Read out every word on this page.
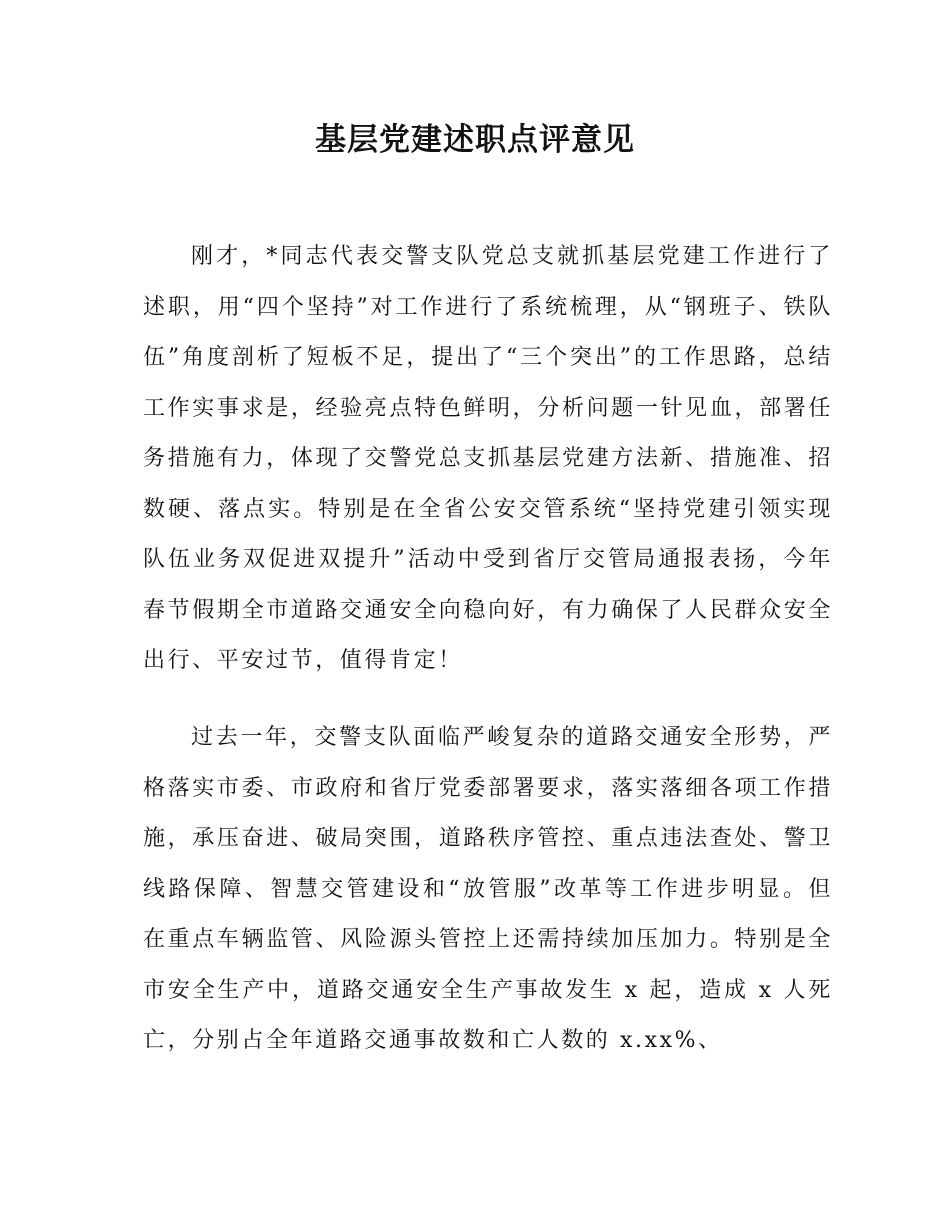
基层党建述职点评意见

刚才，*同志代表交警支队党总支就抓基层党建工作进行了述职，用“四个坚持”对工作进行了系统梳理，从“钢班子、铁队伍”角度剖析了短板不足，提出了“三个突出”的工作思路，总结工作实事求是，经验亮点特色鲜明，分析问题一针见血，部署任务措施有力，体现了交警党总支抓基层党建方法新、措施准、招数硬、落点实。特别是在全省公安交管系统“坚持党建引领实现队伍业务双促进双提升”活动中受到省厅交管局通报表扬，今年春节假期全市道路交通安全向稳向好，有力确保了人民群众安全出行、平安过节，值得肯定！

过去一年，交警支队面临严峻复杂的道路交通安全形势，严格落实市委、市政府和省厅党委部署要求，落实落细各项工作措施，承压奋进、破局突围，道路秩序管控、重点违法查处、警卫线路保障、智慧交管建设和“放管服”改革等工作进步明显。但在重点车辆监管、风险源头管控上还需持续加压加力。特别是全市安全生产中，道路交通安全生产事故发生 x 起，造成 x 人死亡，分别占全年道路交通事故数和亡人数的 x.xx%、
